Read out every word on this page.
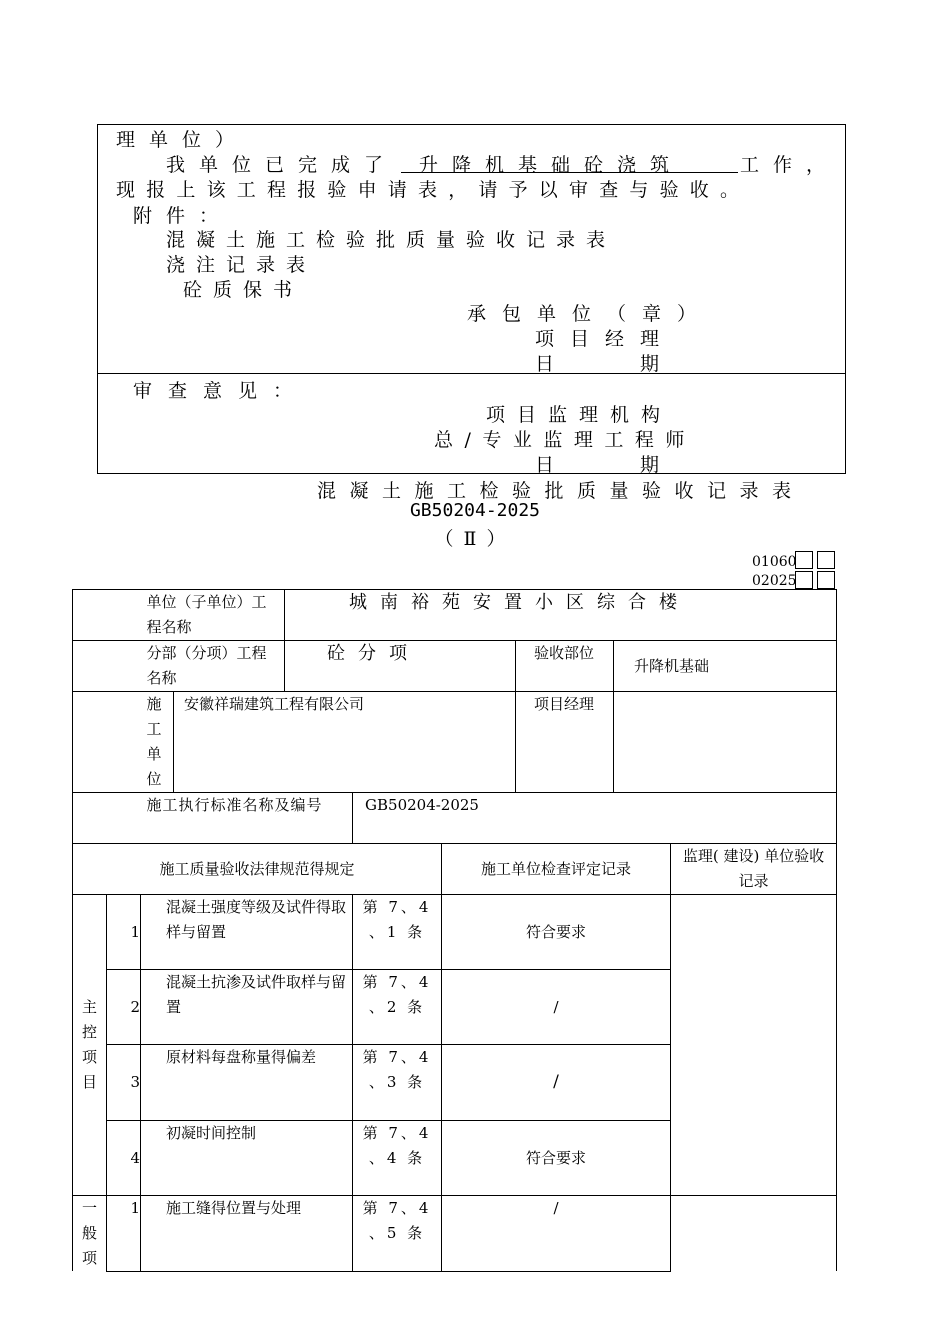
理单位）
我单位已完成了	升降机基础砼浇筑	工作，
现报上该工程报验申请表，请予以审查与验收。
附件：
混凝土施工检验批质量验收记录表
浇注记录表
砼质保书
承包单位（章）
项目经理
日　　期
审查意见：
项目监理机构
总/专业监理工程师
日　　期
混凝土施工检验批质量验收记录表
GB50204-2025
（Ⅱ）
01060
02025
		单位（子单位）工程名称		城南裕苑安置小区综合楼					
		分部（分项）工程名称		砼分项			验收部位	升降机基础	
		施　工单位	安徽祥瑞建筑工程有限公司				项目经理		
		施工执行标准名称及编号			GB50204-2025				
施工质量验收法律规范得规定						施工单位检查评定记录			监理( 建设) 单位验收记录
主控项目	1	混凝土强度等级及试件得取样与留置			第 7、4 、1 条	符合要求			
	2	混凝土抗渗及试件取样与留置			第 7、4 、2 条	/			
	3	原材料每盘称量得偏差			第 7、4 、3 条	/			
	4	初凝时间控制			第 7、4 、4 条	符合要求			
一般项	1	施工缝得位置与处理			第 7、4 、5 条	/			
